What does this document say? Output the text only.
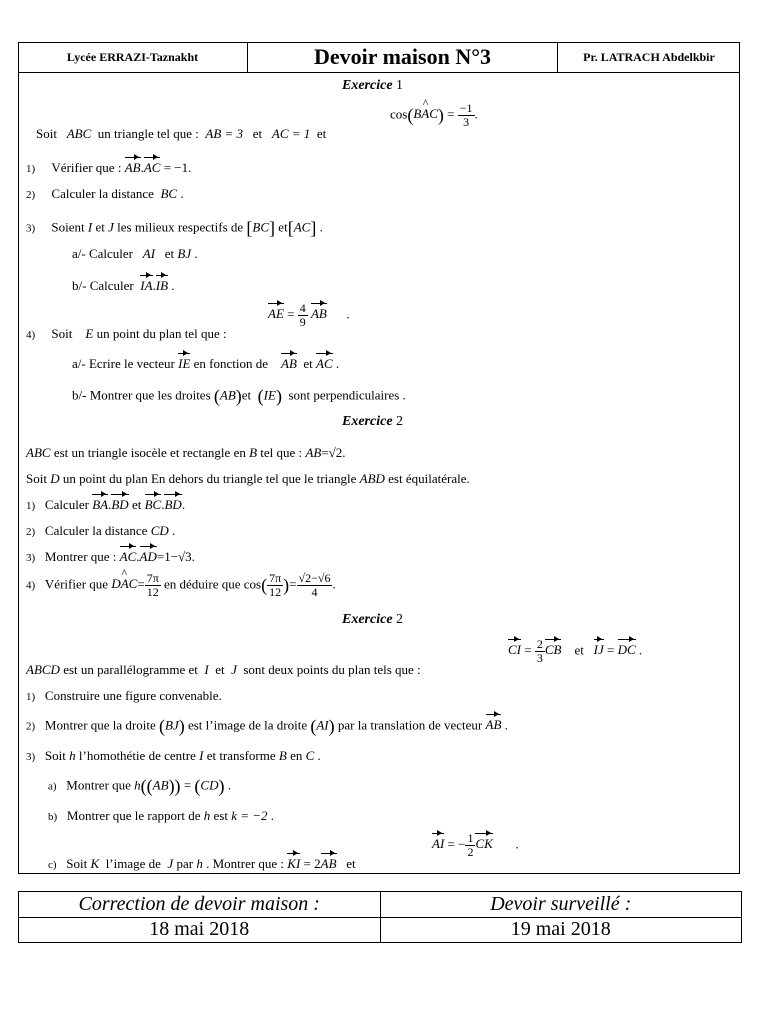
Lycée ERRAZI-Taznakht	Devoir maison N°3	Pr. LATRACH Abdelkbir
Exercice 1
Soit ABC un triangle tel que : AB = 3 et AC = 1 et
cos(^ $BAC) = \frac{-1}{3}$ .
1) Vérifier que : AB.AC = −1.
2) Calculer la distance BC .
3) Soient I et J les milieux respectifs de [BC] et[AC] .
a/- Calculer AI   et BJ .
b/- Calculer IA.IB .
4) Soit E un point du plan tel que :
AE = $\frac{4}{9}$ AB      .
a/- Ecrire le vecteur IE en fonction de AB  et AC .
b/- Montrer que les droites (AB)et  (IE) sont perpendiculaires .
Exercice 2
ABC est un triangle isocèle et rectangle en B tel que : AB=√2.
Soit D un point du plan En dehors du triangle tel que le triangle ABD est équilatérale.
1) Calculer BA.BD et BC.BD.
2) Calculer la distance CD .
3) Montrer que : AC.AD=1−√3.
4) Vérifier que ^ $DAC= \frac{7\pi}{12}$ en déduire que $\cos( \frac{7\pi}{12}$ )= $\frac{√2-√6}{4}$ .
Exercice 2
ABCD est un parallélogramme et I et J sont deux points du plan tels que :
CI = $\frac{2}{3}$ CB    et   IJ = DC .
1) Construire une figure convenable.
2) Montrer que la droite (BJ) est l’image de la droite (AI) par la translation de vecteur AB .
3) Soit h l’homothétie de centre I et transforme B en C .
a) Montrer que h((AB)) = (CD) .
b) Montrer que le rapport de h est k = −2 .
c) Soit K l’image de J par h . Montrer que : KI = 2AB   et
AI = − $\frac{1}{2}$ CK       .
Correction de devoir maison :	Devoir surveillé :
18 mai 2018	19 mai 2018
